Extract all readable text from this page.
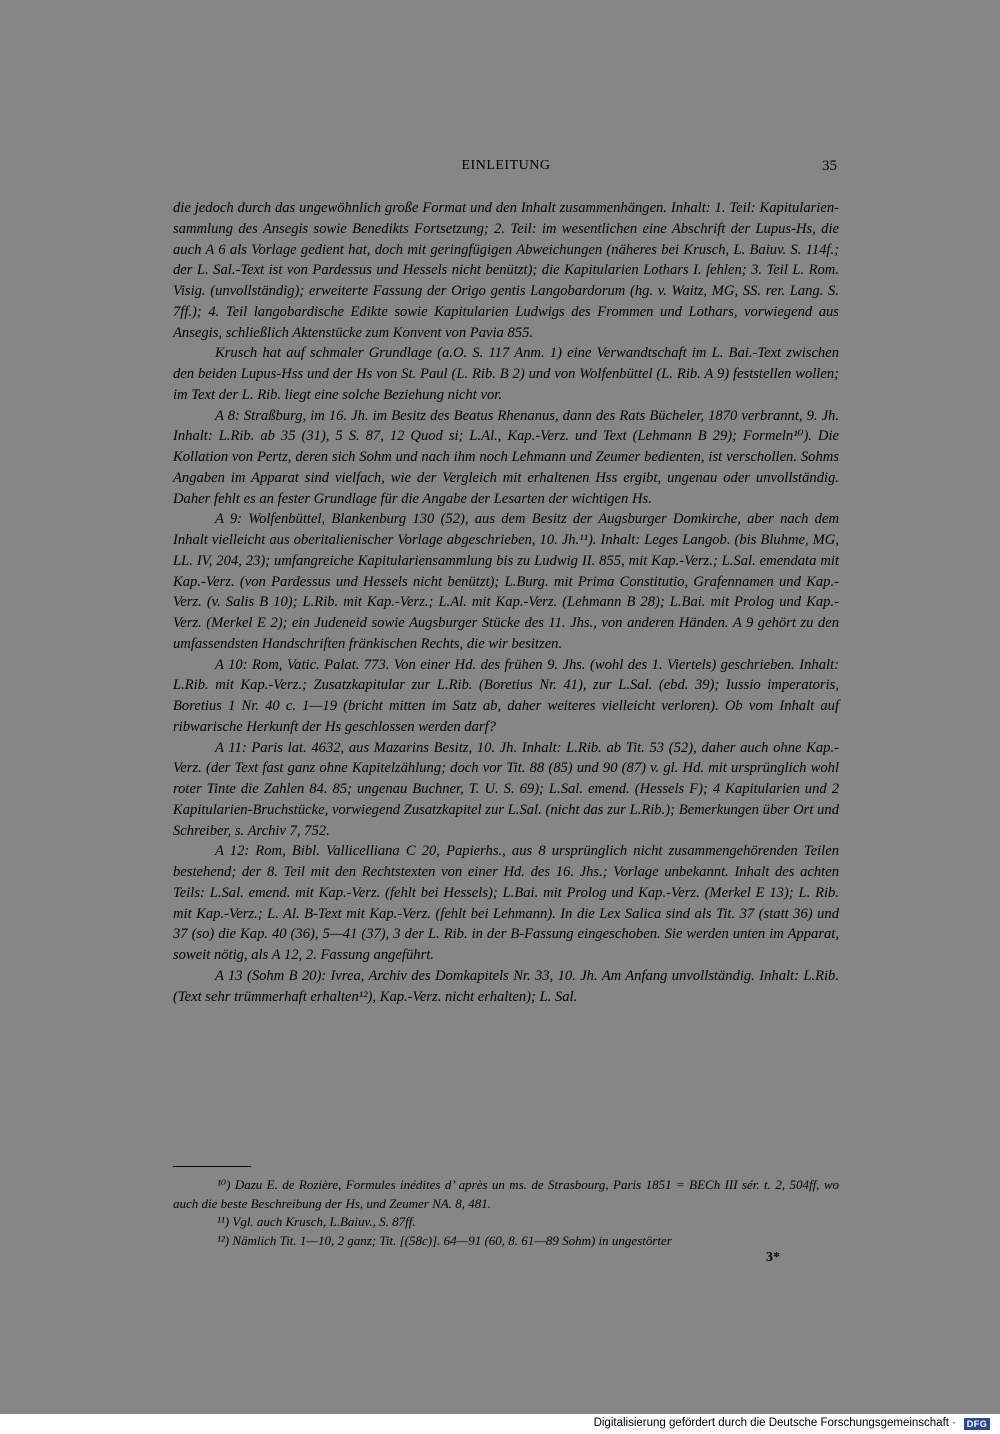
EINLEITUNG	35

die jedoch durch das ungewöhnlich große Format und den Inhalt zusammenhängen. Inhalt: 1. Teil: Kapitulariensammlung des Ansegis sowie Benedikts Fortsetzung; 2. Teil: im wesentlichen eine Abschrift der Lupus-Hs, die auch A 6 als Vorlage gedient hat, doch mit geringfügigen Abweichungen (näheres bei Krusch, L. Baiuv. S. 114f.; der L. Sal.-Text ist von Pardessus und Hessels nicht benützt); die Kapitularien Lothars I. fehlen; 3. Teil L. Rom. Visig. (unvollständig); erweiterte Fassung der Origo gentis Langobardorum (hg. v. Waitz, MG, SS. rer. Lang. S. 7ff.); 4. Teil langobardische Edikte sowie Kapitularien Ludwigs des Frommen und Lothars, vorwiegend aus Ansegis, schließlich Aktenstücke zum Konvent von Pavia 855.

Krusch hat auf schmaler Grundlage (a.O. S. 117 Anm. 1) eine Verwandtschaft im L. Bai.-Text zwischen den beiden Lupus-Hss und der Hs von St. Paul (L. Rib. B 2) und von Wolfenbüttel (L. Rib. A 9) feststellen wollen; im Text der L. Rib. liegt eine solche Beziehung nicht vor.

A 8: Straßburg, im 16. Jh. im Besitz des Beatus Rhenanus, dann des Rats Bücheler, 1870 verbrannt, 9. Jh. Inhalt: L.Rib. ab 35 (31), 5 S. 87, 12 Quod si; L.Al., Kap.-Verz. und Text (Lehmann B 29); Formeln¹⁰). Die Kollation von Pertz, deren sich Sohm und nach ihm noch Lehmann und Zeumer bedienten, ist verschollen. Sohms Angaben im Apparat sind vielfach, wie der Vergleich mit erhaltenen Hss ergibt, ungenau oder unvollständig. Daher fehlt es an fester Grundlage für die Angabe der Lesarten der wichtigen Hs.

A 9: Wolfenbüttel, Blankenburg 130 (52), aus dem Besitz der Augsburger Domkirche, aber nach dem Inhalt vielleicht aus oberitalienischer Vorlage abgeschrieben, 10. Jh.¹¹). Inhalt: Leges Langob. (bis Bluhme, MG, LL. IV, 204, 23); umfangreiche Kapitulariensammlung bis zu Ludwig II. 855, mit Kap.-Verz.; L.Sal. emendata mit Kap.-Verz. (von Pardessus und Hessels nicht benützt); L.Burg. mit Prima Constitutio, Grafennamen und Kap.-Verz. (v. Salis B 10); L.Rib. mit Kap.-Verz.; L.Al. mit Kap.-Verz. (Lehmann B 28); L.Bai. mit Prolog und Kap.-Verz. (Merkel E 2); ein Judeneid sowie Augsburger Stücke des 11. Jhs., von anderen Händen. A 9 gehört zu den umfassendsten Handschriften fränkischen Rechts, die wir besitzen.

A 10: Rom, Vatic. Palat. 773. Von einer Hd. des frühen 9. Jhs. (wohl des 1. Viertels) geschrieben. Inhalt: L.Rib. mit Kap.-Verz.; Zusatzkapitular zur L.Rib. (Boretius Nr. 41), zur L.Sal. (ebd. 39); Iussio imperatoris, Boretius 1 Nr. 40 c. 1—19 (bricht mitten im Satz ab, daher weiteres vielleicht verloren). Ob vom Inhalt auf ribwarische Herkunft der Hs geschlossen werden darf?

A 11: Paris lat. 4632, aus Mazarins Besitz, 10. Jh. Inhalt: L.Rib. ab Tit. 53 (52), daher auch ohne Kap.-Verz. (der Text fast ganz ohne Kapitelzählung; doch vor Tit. 88 (85) und 90 (87) v. gl. Hd. mit ursprünglich wohl roter Tinte die Zahlen 84. 85; ungenau Buchner, T. U. S. 69); L.Sal. emend. (Hessels F); 4 Kapitularien und 2 Kapitularien-Bruchstücke, vorwiegend Zusatzkapitel zur L.Sal. (nicht das zur L.Rib.); Bemerkungen über Ort und Schreiber, s. Archiv 7, 752.

A 12: Rom, Bibl. Vallicelliana C 20, Papierhs., aus 8 ursprünglich nicht zusammengehörenden Teilen bestehend; der 8. Teil mit den Rechtstexten von einer Hd. des 16. Jhs.; Vorlage unbekannt. Inhalt des achten Teils: L.Sal. emend. mit Kap.-Verz. (fehlt bei Hessels); L.Bai. mit Prolog und Kap.-Verz. (Merkel E 13); L. Rib. mit Kap.-Verz.; L. Al. B-Text mit Kap.-Verz. (fehlt bei Lehmann). In die Lex Salica sind als Tit. 37 (statt 36) und 37 (so) die Kap. 40 (36), 5—41 (37), 3 der L. Rib. in der B-Fassung eingeschoben. Sie werden unten im Apparat, soweit nötig, als A 12, 2. Fassung angeführt.

A 13 (Sohm B 20): Ivrea, Archiv des Domkapitels Nr. 33, 10. Jh. Am Anfang unvollständig. Inhalt: L.Rib. (Text sehr trümmerhaft erhalten¹²), Kap.-Verz. nicht erhalten); L. Sal.

¹⁰) Dazu E. de Rozière, Formules inédites d’ après un ms. de Strasbourg, Paris 1851 = BECh III sér. t. 2, 504ff, wo auch die beste Beschreibung der Hs, und Zeumer NA. 8, 481.

¹¹) Vgl. auch Krusch, L.Baiuv., S. 87ff.

¹²) Nämlich Tit. 1—10, 2 ganz; Tit. [(58c)]. 64—91 (60, 8. 61—89 Sohm) in ungestörter

3*
Digitalisierung gefördert durch die Deutsche Forschungsgemeinschaft ·	DFG
